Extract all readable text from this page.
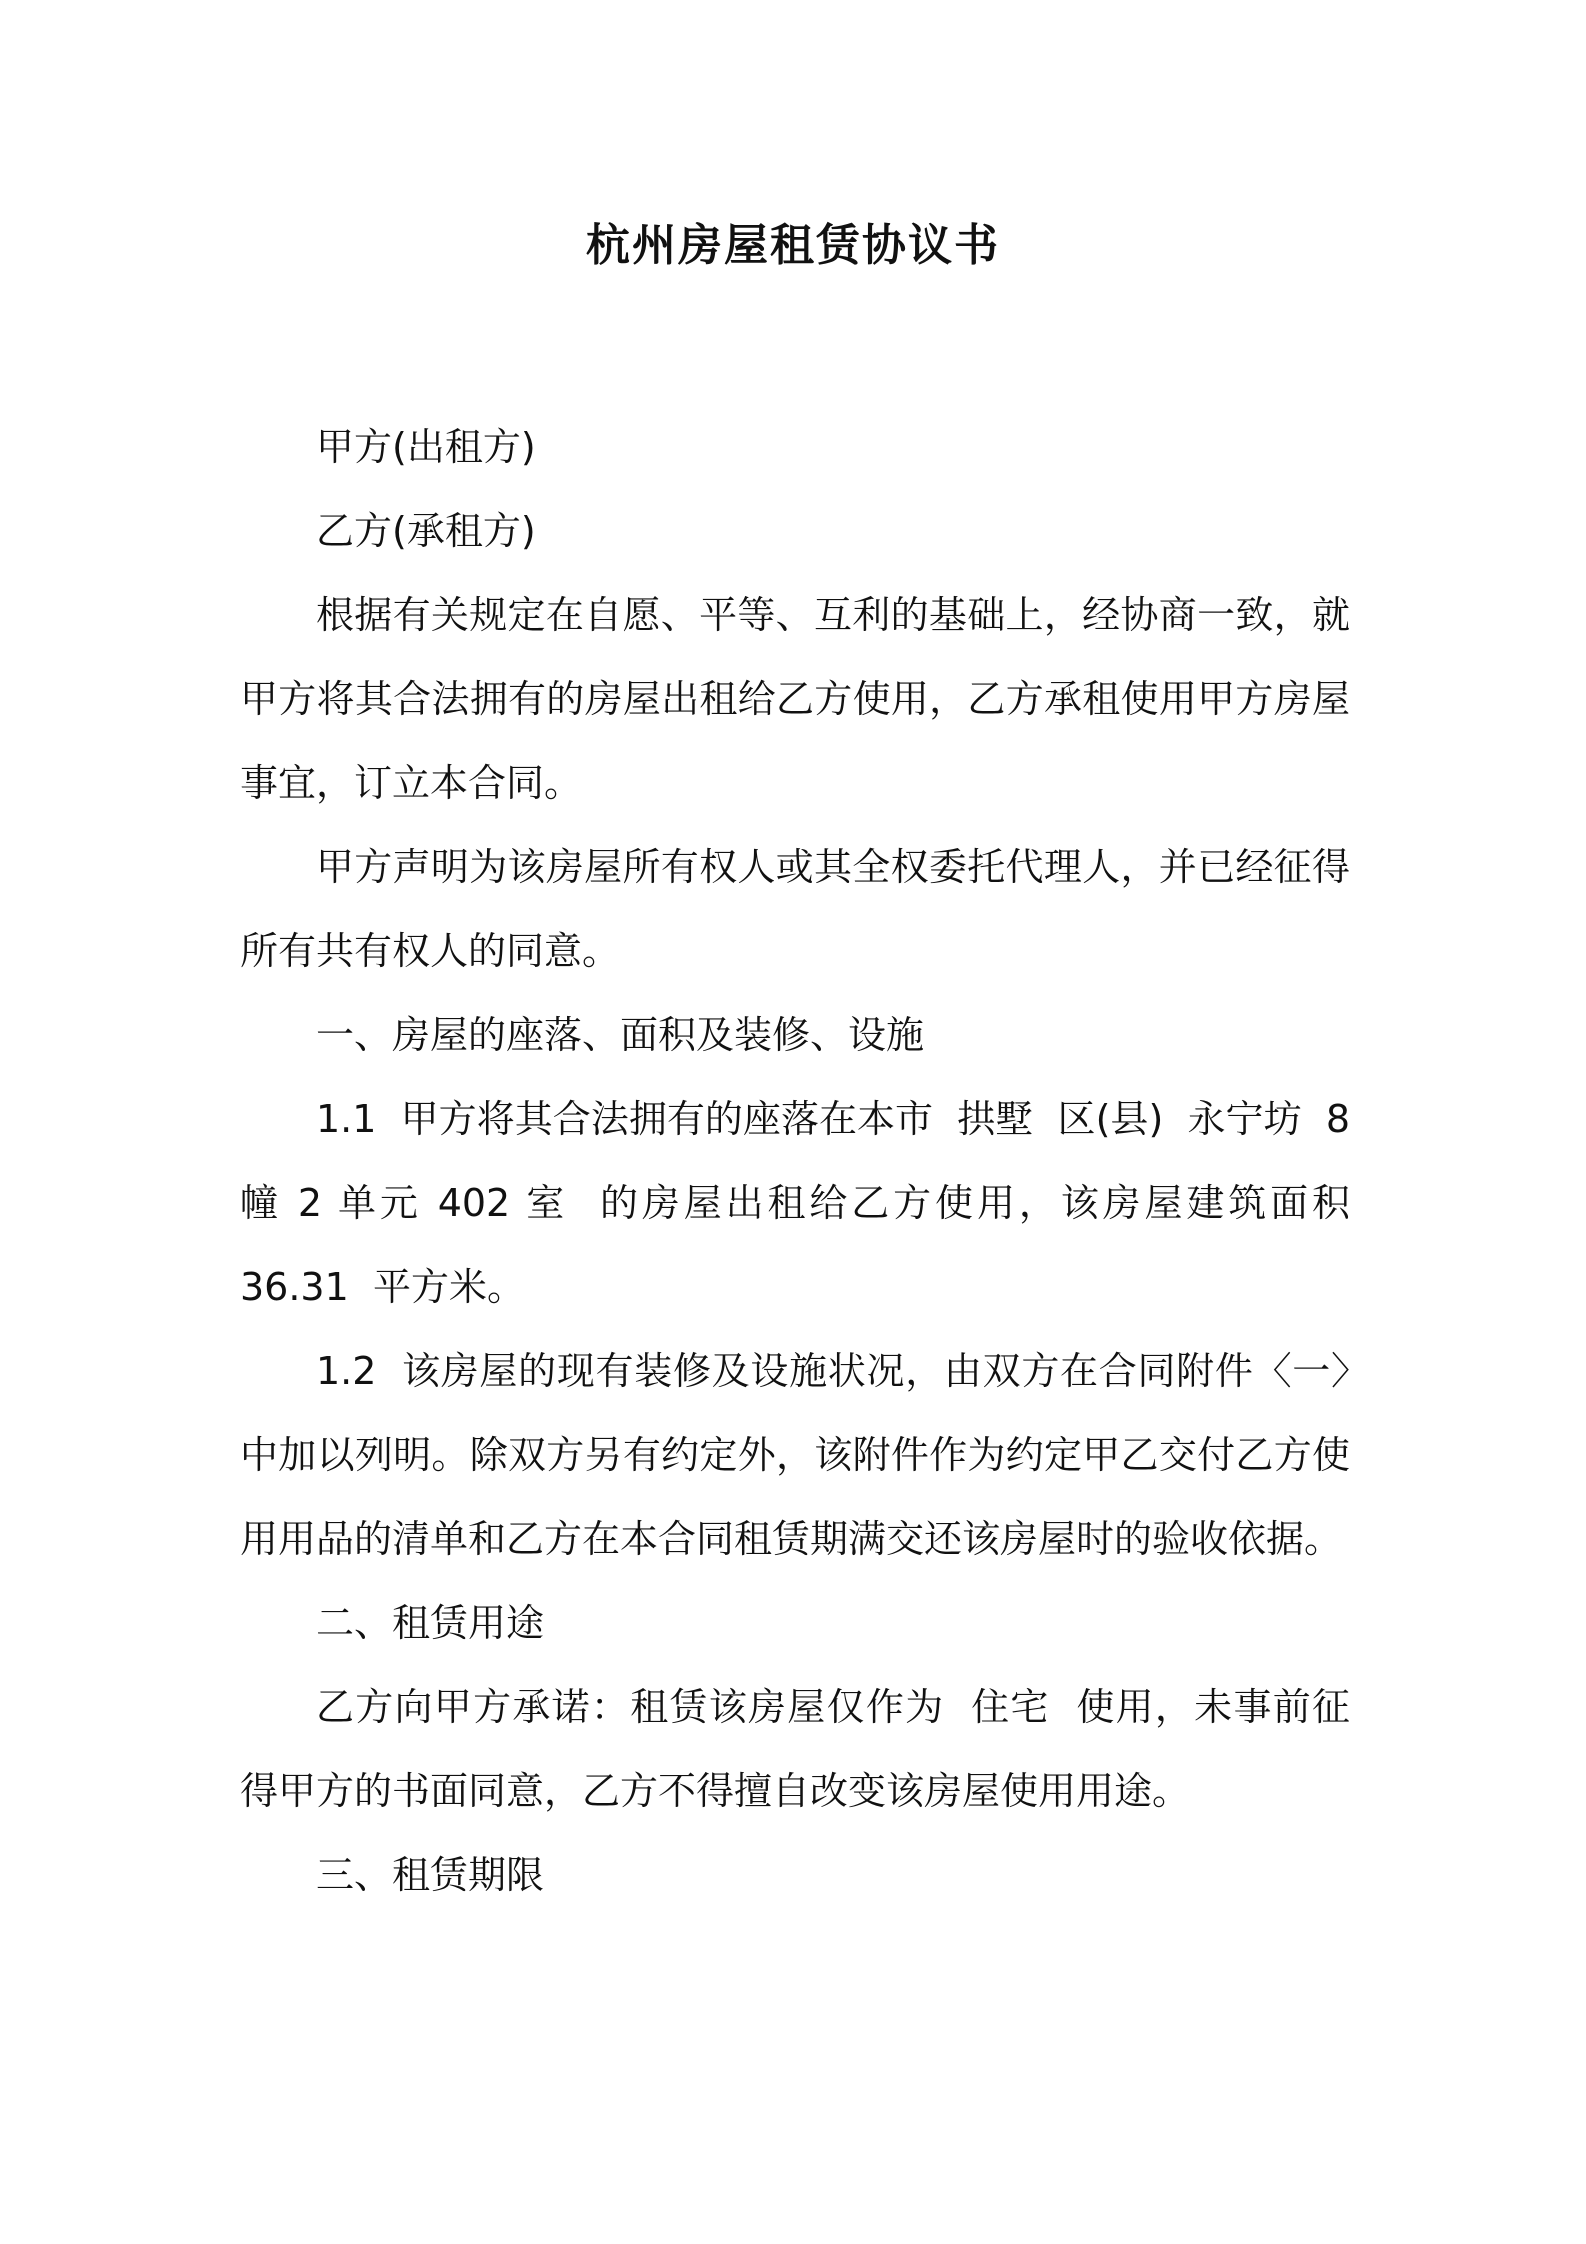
杭州房屋租赁协议书

甲方(出租方)

乙方(承租方)

根据有关规定在自愿、平等、互利的基础上，经协商一致，就甲方将其合法拥有的房屋出租给乙方使用，乙方承租使用甲方房屋事宜，订立本合同。

甲方声明为该房屋所有权人或其全权委托代理人，并已经征得所有共有权人的同意。

一、房屋的座落、面积及装修、设施

1.1  甲方将其合法拥有的座落在本市  拱墅  区(县)  永宁坊  8 幢 2 单元 402 室  的房屋出租给乙方使用，该房屋建筑面积  36.31  平方米。

1.2  该房屋的现有装修及设施状况，由双方在合同附件〈一〉中加以列明。除双方另有约定外，该附件作为约定甲乙交付乙方使用用品的清单和乙方在本合同租赁期满交还该房屋时的验收依据。

二、租赁用途

乙方向甲方承诺：租赁该房屋仅作为  住宅  使用，未事前征得甲方的书面同意，乙方不得擅自改变该房屋使用用途。

三、租赁期限
